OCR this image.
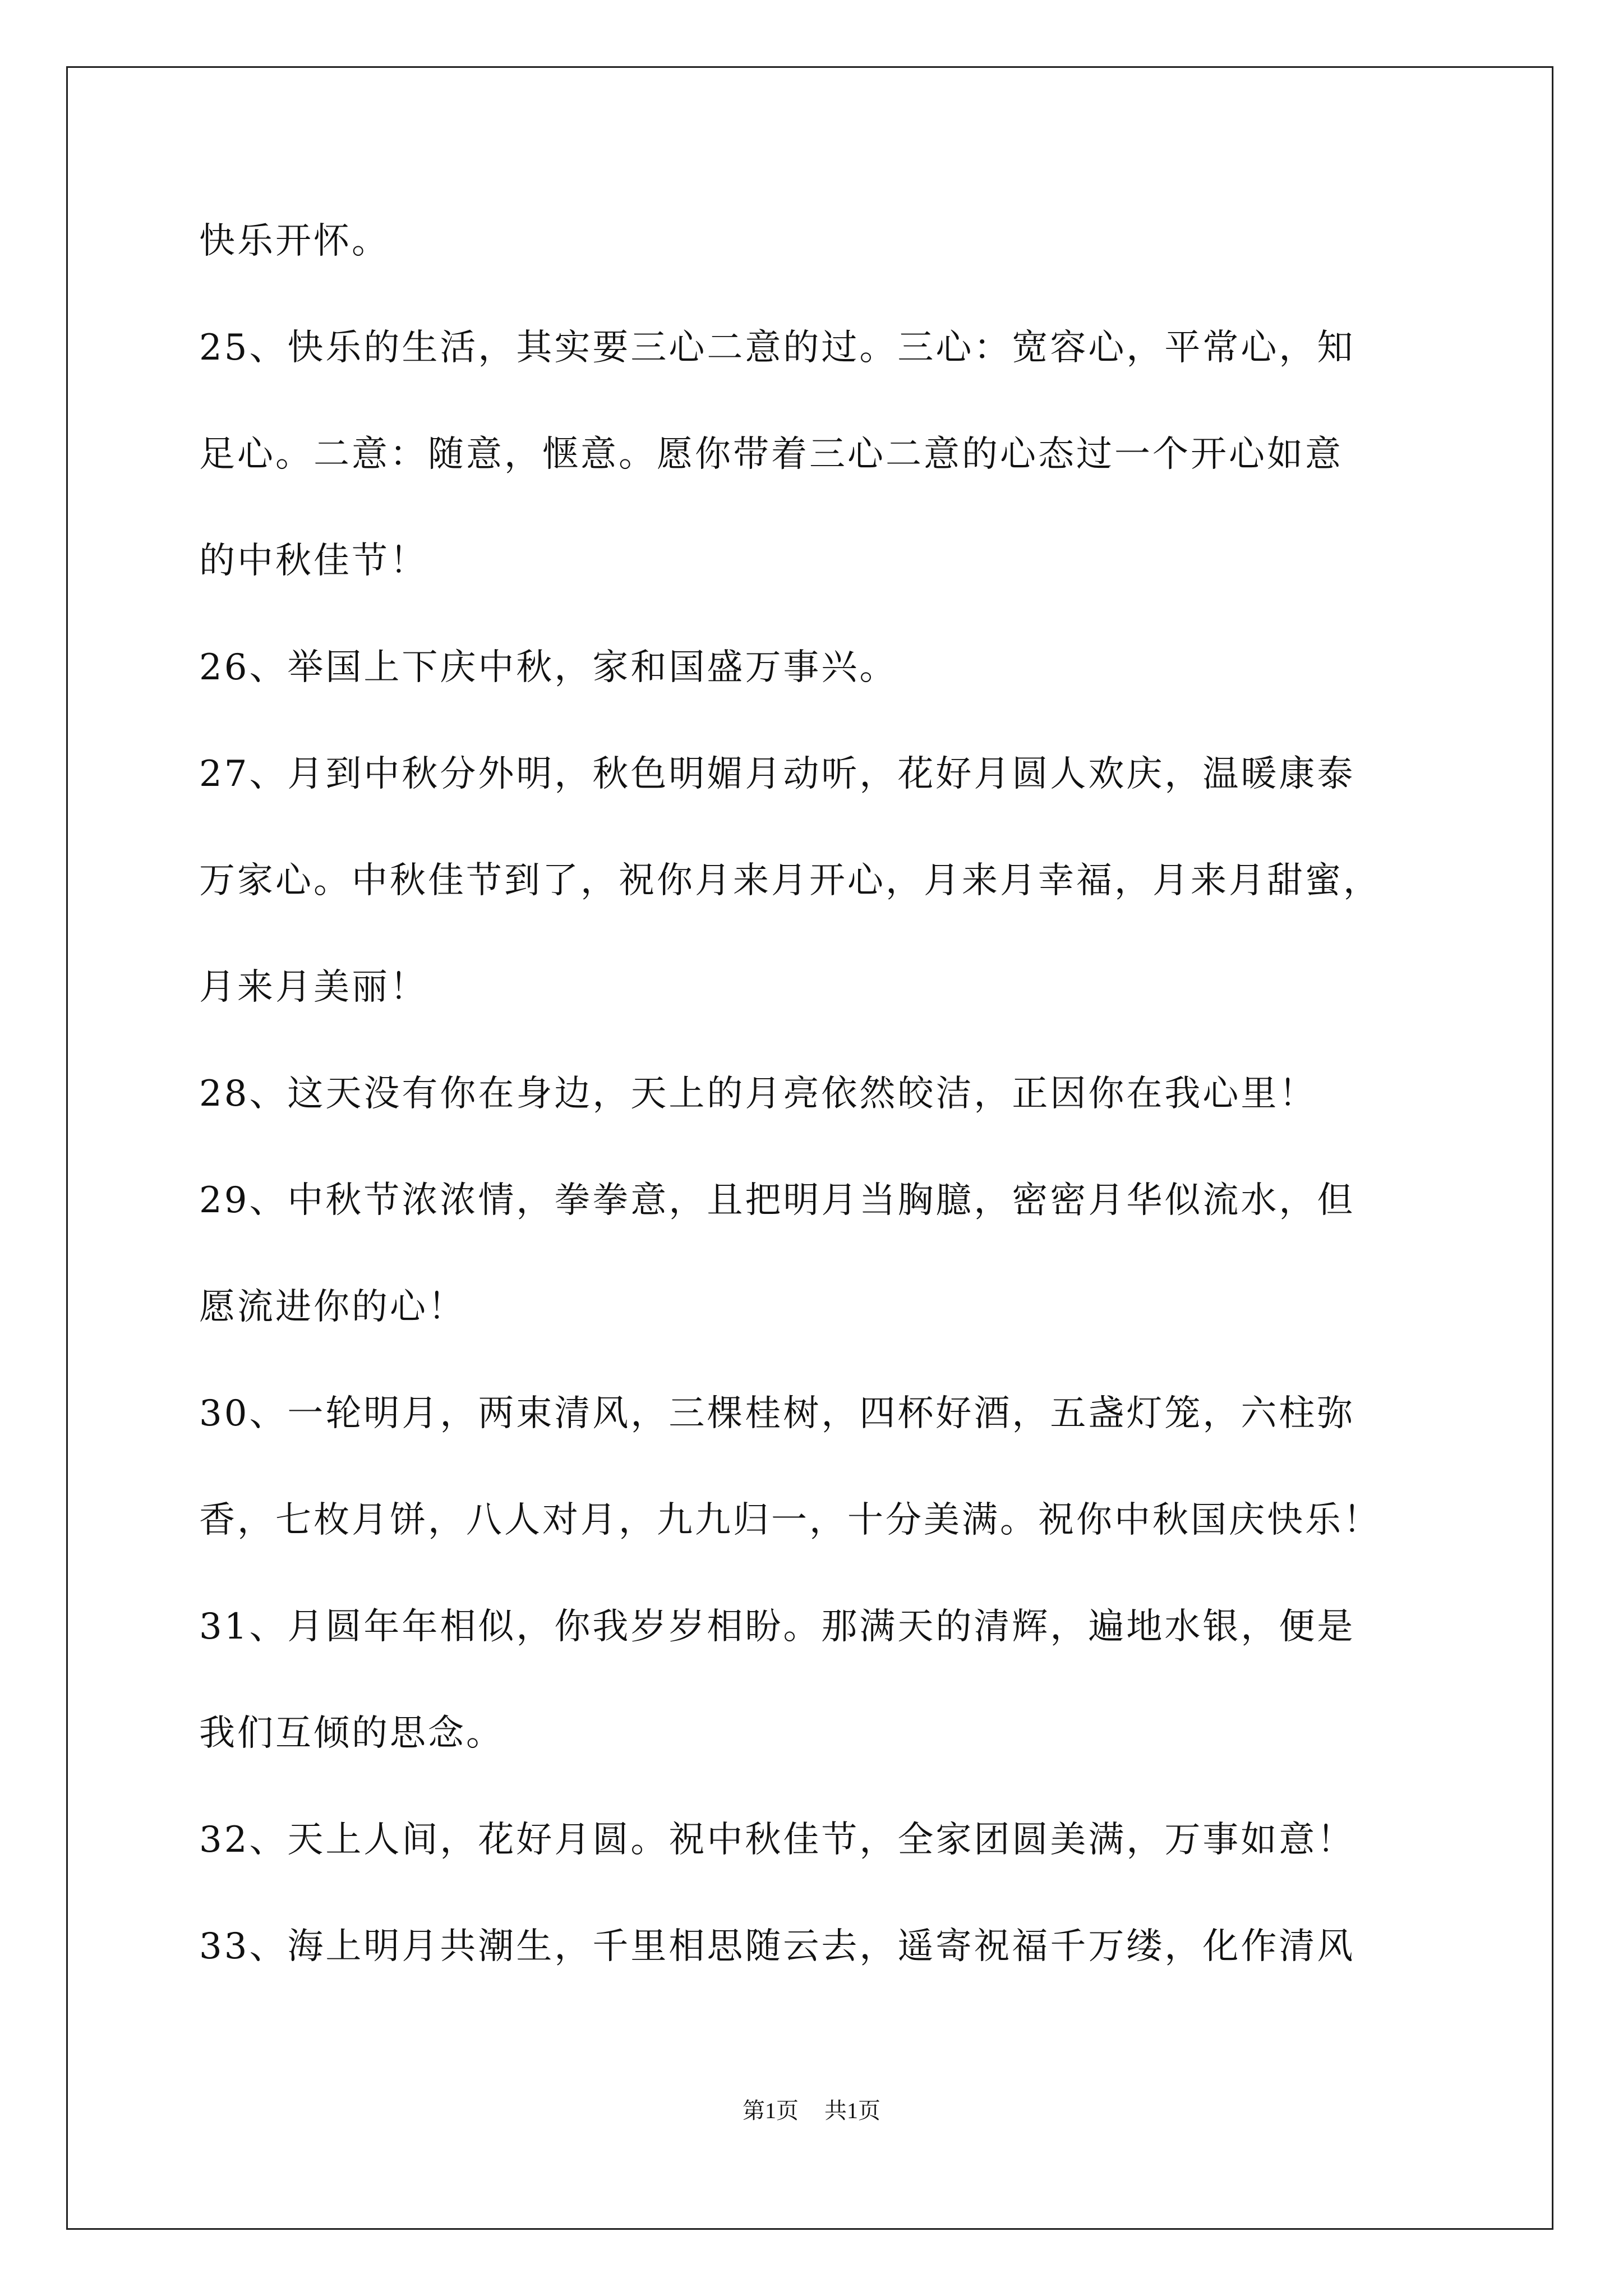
快乐开怀。
25、快乐的生活，其实要三心二意的过。三心：宽容心，平常心，知
足心。二意：随意，惬意。愿你带着三心二意的心态过一个开心如意
的中秋佳节！
26、举国上下庆中秋，家和国盛万事兴。
27、月到中秋分外明，秋色明媚月动听，花好月圆人欢庆，温暖康泰
万家心。中秋佳节到了，祝你月来月开心，月来月幸福，月来月甜蜜，
月来月美丽！
28、这天没有你在身边，天上的月亮依然皎洁，正因你在我心里！
29、中秋节浓浓情，拳拳意，且把明月当胸臆，密密月华似流水，但
愿流进你的心！
30、一轮明月，两束清风，三棵桂树，四杯好酒，五盏灯笼，六柱弥
香，七枚月饼，八人对月，九九归一，十分美满。祝你中秋国庆快乐！
31、月圆年年相似，你我岁岁相盼。那满天的清辉，遍地水银，便是
我们互倾的思念。
32、天上人间，花好月圆。祝中秋佳节，全家团圆美满，万事如意！
33、海上明月共潮生，千里相思随云去，遥寄祝福千万缕，化作清风
第1页 共1页
